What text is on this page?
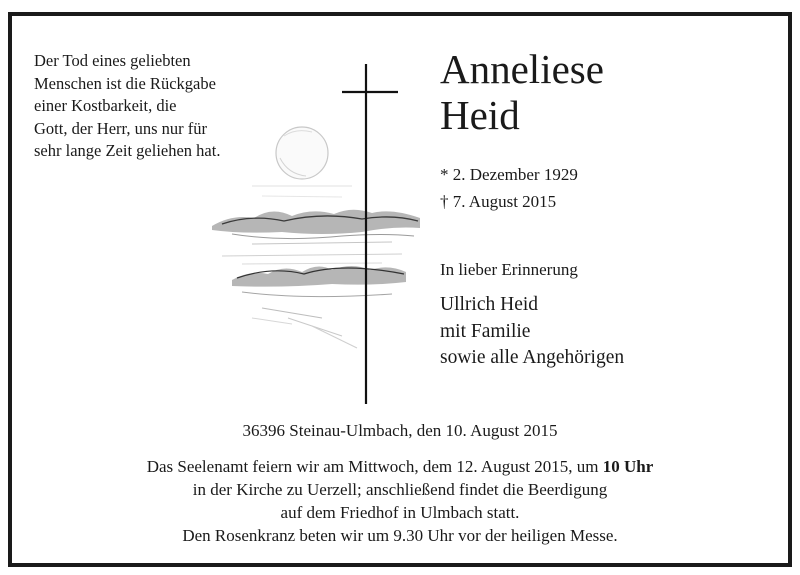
Der Tod eines geliebten
Menschen ist die Rückgabe
einer Kostbarkeit, die
Gott, der Herr, uns nur für
sehr lange Zeit geliehen hat.
Anneliese
Heid
* 2. Dezember 1929
† 7. August 2015
In lieber Erinnerung
Ullrich Heid
mit Familie
sowie alle Angehörigen
36396 Steinau-Ulmbach, den 10. August 2015
Das Seelenamt feiern wir am Mittwoch, dem 12. August 2015, um 10 Uhr
in der Kirche zu Uerzell; anschließend findet die Beerdigung
auf dem Friedhof in Ulmbach statt.
Den Rosenkranz beten wir um 9.30 Uhr vor der heiligen Messe.
